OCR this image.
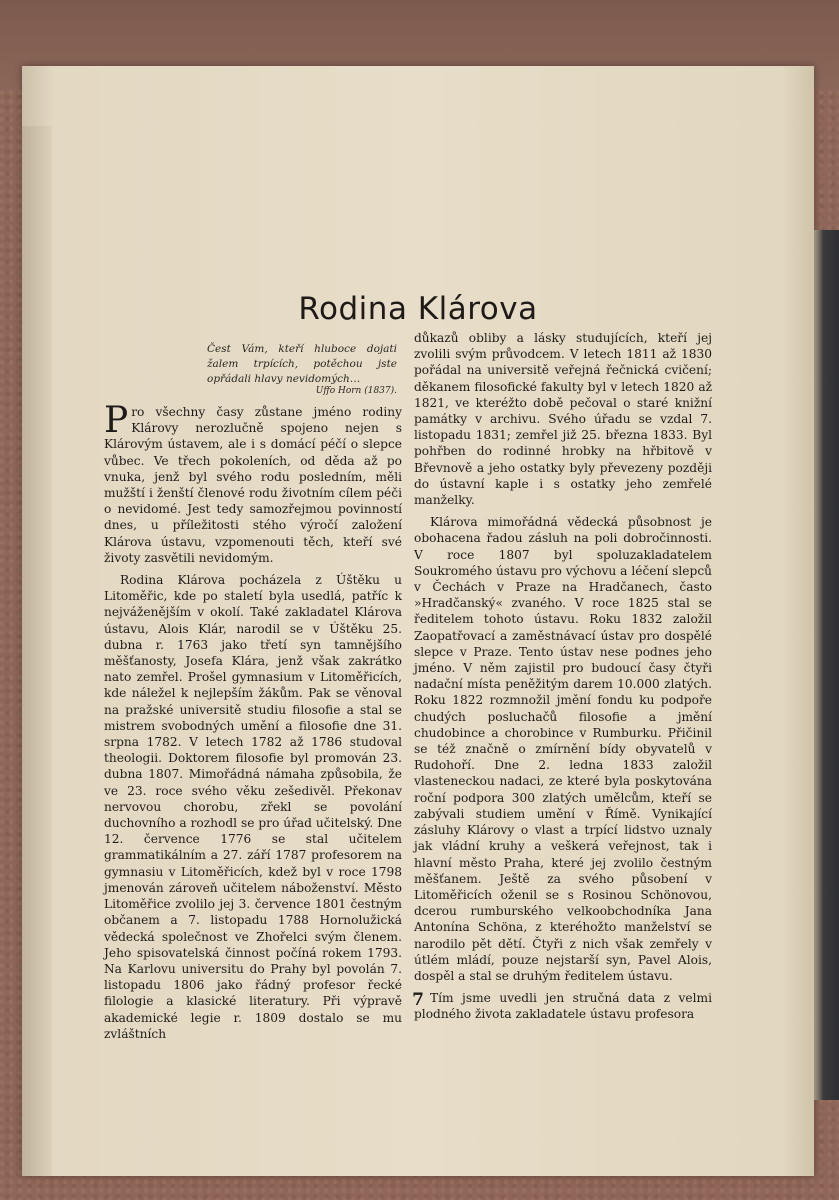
Rodina Klárova
Čest Vám, kteří hluboce dojati žalem trpících, potěchou jste opřádali hlavy nevidomých…
Uffo Horn (1837).

Pro všechny časy zůstane jméno rodiny Klárovy nerozlučně spojeno nejen s Klárovým ústavem, ale i s domácí péčí o slepce vůbec. Ve třech pokoleních, od děda až po vnuka, jenž byl svého rodu posledním, měli mužští i ženští členové rodu životním cílem péči o nevidomé. Jest tedy samozřejmou povinností dnes, u příležitosti stého výročí založení Klárova ústavu, vzpomenouti těch, kteří své životy zasvětili nevidomým.

Rodina Klárova pocházela z Úštěku u Litoměřic, kde po staletí byla usedlá, patříc k nejváženějším v okolí. Také zakladatel Klárova ústavu, Alois Klár, narodil se v Úštěku 25. dubna r. 1763 jako třetí syn tamnějšího měšťanosty, Josefa Klára, jenž však zakrátko nato zemřel. Prošel gymnasium v Litoměřicích, kde náležel k nejlepším žákům. Pak se věnoval na pražské universitě studiu filosofie a stal se mistrem svobodných umění a filosofie dne 31. srpna 1782. V letech 1782 až 1786 studoval theologii. Doktorem filosofie byl promován 23. dubna 1807. Mimořádná námaha způsobila, že ve 23. roce svého věku zešedivěl. Překonav nervovou chorobu, zřekl se povolání duchovního a rozhodl se pro úřad učitelský. Dne 12. července 1776 se stal učitelem grammatikálním a 27. září 1787 profesorem na gymnasiu v Litoměřicích, kdež byl v roce 1798 jmenován zároveň učitelem náboženství. Město Litoměřice zvolilo jej 3. července 1801 čestným občanem a 7. listopadu 1788 Hornolužická vědecká společnost ve Zhořelci svým členem. Jeho spisovatelská činnost počíná rokem 1793. Na Karlovu universitu do Prahy byl povolán 7. listopadu 1806 jako řádný profesor řecké filologie a klasické literatury. Při výpravě akademické legie r. 1809 dostalo se mu zvláštních

důkazů obliby a lásky studujících, kteří jej zvolili svým průvodcem. V letech 1811 až 1830 pořádal na universitě veřejná řečnická cvičení; děkanem filosofické fakulty byl v letech 1820 až 1821, ve kteréžto době pečoval o staré knižní památky v archivu. Svého úřadu se vzdal 7. listopadu 1831; zemřel již 25. března 1833. Byl pohřben do rodinné hrobky na hřbitově v Břevnově a jeho ostatky byly převezeny později do ústavní kaple i s ostatky jeho zemřelé manželky.

Klárova mimořádná vědecká působnost je obohacena řadou zásluh na poli dobročinnosti. V roce 1807 byl spoluzakladatelem Soukromého ústavu pro výchovu a léčení slepců v Čechách v Praze na Hradčanech, často »Hradčanský« zvaného. V roce 1825 stal se ředitelem tohoto ústavu. Roku 1832 založil Zaopatřovací a zaměstnávací ústav pro dospělé slepce v Praze. Tento ústav nese podnes jeho jméno. V něm zajistil pro budoucí časy čtyři nadační místa peněžitým darem 10.000 zlatých. Roku 1822 rozmnožil jmění fondu ku podpoře chudých posluchačů filosofie a jmění chudobince a chorobince v Rumburku. Přičinil se též značně o zmírnění bídy obyvatelů v Rudohoří. Dne 2. ledna 1833 založil vlasteneckou nadaci, ze které byla poskytována roční podpora 300 zlatých umělcům, kteří se zabývali studiem umění v Římě. Vynikající zásluhy Klárovy o vlast a trpící lidstvo uznaly jak vládní kruhy a veškerá veřejnost, tak i hlavní město Praha, které jej zvolilo čestným měšťanem. Ještě za svého působení v Litoměřicích oženil se s Rosinou Schönovou, dcerou rumburského velkoobchodníka Jana Antonína Schöna, z kteréhožto manželství se narodilo pět dětí. Čtyři z nich však zemřely v útlém mládí, pouze nejstarší syn, Pavel Alois, dospěl a stal se druhým ředitelem ústavu.

Tím jsme uvedli jen stručná data z velmi plodného života zakladatele ústavu profesora

7
